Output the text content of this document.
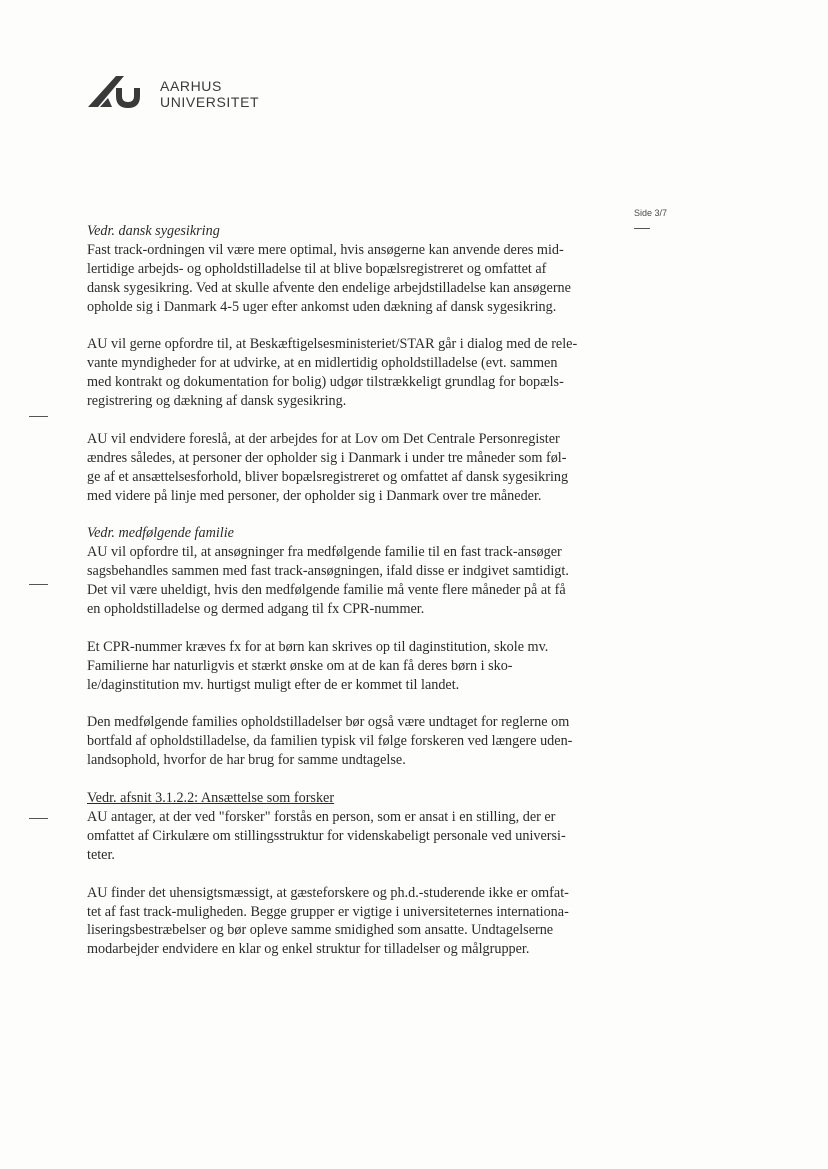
AARHUS
UNIVERSITET
Side 3/7
Vedr. dansk sygesikring
Fast track-ordningen vil være mere optimal, hvis ansøgerne kan anvende deres mid-
lertidige arbejds- og opholdstilladelse til at blive bopælsregistreret og omfattet af
dansk sygesikring. Ved at skulle afvente den endelige arbejdstilladelse kan ansøgerne
opholde sig i Danmark 4-5 uger efter ankomst uden dækning af dansk sygesikring.
AU vil gerne opfordre til, at Beskæftigelsesministeriet/STAR går i dialog med de rele-
vante myndigheder for at udvirke, at en midlertidig opholdstilladelse (evt. sammen
med kontrakt og dokumentation for bolig) udgør tilstrækkeligt grundlag for bopæls-
registrering og dækning af dansk sygesikring.
AU vil endvidere foreslå, at der arbejdes for at Lov om Det Centrale Personregister
ændres således, at personer der opholder sig i Danmark i under tre måneder som føl-
ge af et ansættelsesforhold, bliver bopælsregistreret og omfattet af dansk sygesikring
med videre på linje med personer, der opholder sig i Danmark over tre måneder.
Vedr. medfølgende familie
AU vil opfordre til, at ansøgninger fra medfølgende familie til en fast track-ansøger
sagsbehandles sammen med fast track-ansøgningen, ifald disse er indgivet samtidigt.
Det vil være uheldigt, hvis den medfølgende familie må vente flere måneder på at få
en opholdstilladelse og dermed adgang til fx CPR-nummer.
Et CPR-nummer kræves fx for at børn kan skrives op til daginstitution, skole mv.
Familierne har naturligvis et stærkt ønske om at de kan få deres børn i sko-
le/daginstitution mv. hurtigst muligt efter de er kommet til landet.
Den medfølgende families opholdstilladelser bør også være undtaget for reglerne om
bortfald af opholdstilladelse, da familien typisk vil følge forskeren ved længere uden-
landsophold, hvorfor de har brug for samme undtagelse.
Vedr. afsnit 3.1.2.2: Ansættelse som forsker
AU antager, at der ved "forsker" forstås en person, som er ansat i en stilling, der er
omfattet af Cirkulære om stillingsstruktur for videnskabeligt personale ved universi-
teter.
AU finder det uhensigtsmæssigt, at gæsteforskere og ph.d.-studerende ikke er omfat-
tet af fast track-muligheden. Begge grupper er vigtige i universiteternes internationa-
liseringsbestræbelser og bør opleve samme smidighed som ansatte. Undtagelserne
modarbejder endvidere en klar og enkel struktur for tilladelser og målgrupper.
